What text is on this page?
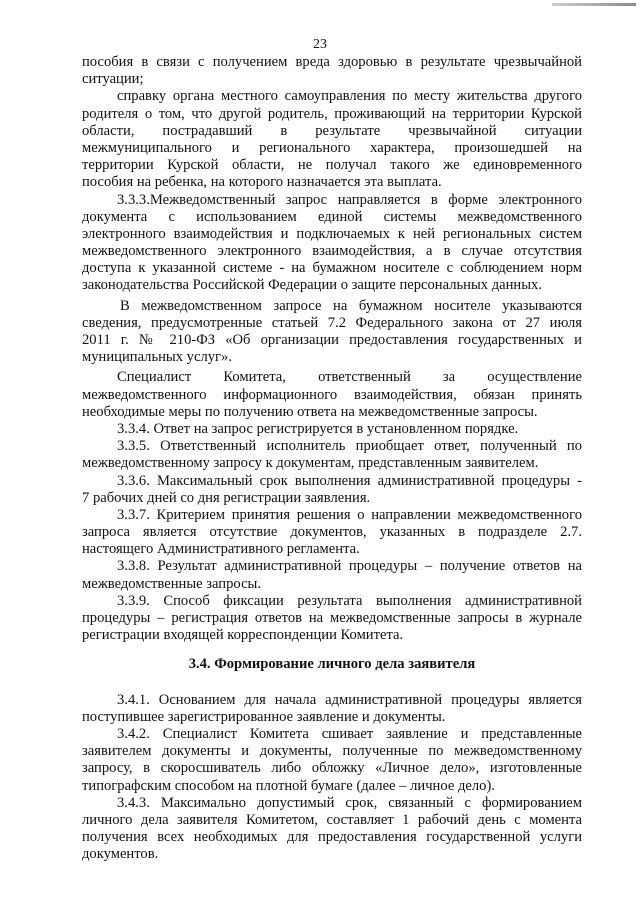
23
пособия в связи с получением вреда здоровью в результате чрезвычайной
ситуации;
справку органа местного самоуправления по месту жительства другого
родителя о том, что другой родитель, проживающий на территории Курской
области, пострадавший в результате чрезвычайной ситуации
межмуниципального и регионального характера, произошедшей на
территории Курской области, не получал такого же единовременного
пособия на ребенка, на которого назначается эта выплата.
3.3.3.Межведомственный запрос направляется в форме электронного
документа с использованием единой системы межведомственного
электронного взаимодействия и подключаемых к ней региональных систем
межведомственного электронного взаимодействия, а в случае отсутствия
доступа к указанной системе - на бумажном носителе с соблюдением норм
законодательства Российской Федерации о защите персональных данных.
В межведомственном запросе на бумажном носителе указываются
сведения, предусмотренные статьей 7.2 Федерального закона от 27 июля
2011 г. № 210-ФЗ «Об организации предоставления государственных и
муниципальных услуг».
Специалист Комитета, ответственный за осуществление
межведомственного информационного взаимодействия, обязан принять
необходимые меры по получению ответа на межведомственные запросы.
3.3.4. Ответ на запрос регистрируется в установленном порядке.
3.3.5. Ответственный исполнитель приобщает ответ, полученный по
межведомственному запросу к документам, представленным заявителем.
3.3.6. Максимальный срок выполнения административной процедуры -
7 рабочих дней со дня регистрации заявления.
3.3.7. Критерием принятия решения о направлении межведомственного
запроса является отсутствие документов, указанных в подразделе 2.7.
настоящего Административного регламента.
3.3.8. Результат административной процедуры – получение ответов на
межведомственные запросы.
3.3.9. Способ фиксации результата выполнения административной
процедуры – регистрация ответов на межведомственные запросы в журнале
регистрации входящей корреспонденции Комитета.
3.4. Формирование личного дела заявителя
3.4.1. Основанием для начала административной процедуры является
поступившее зарегистрированное заявление и документы.
3.4.2. Специалист Комитета сшивает заявление и представленные
заявителем документы и документы, полученные по межведомственному
запросу, в скоросшиватель либо обложку «Личное дело», изготовленные
типографским способом на плотной бумаге (далее – личное дело).
3.4.3. Максимально допустимый срок, связанный с формированием
личного дела заявителя Комитетом, составляет 1 рабочий день с момента
получения всех необходимых для предоставления государственной услуги
документов.
